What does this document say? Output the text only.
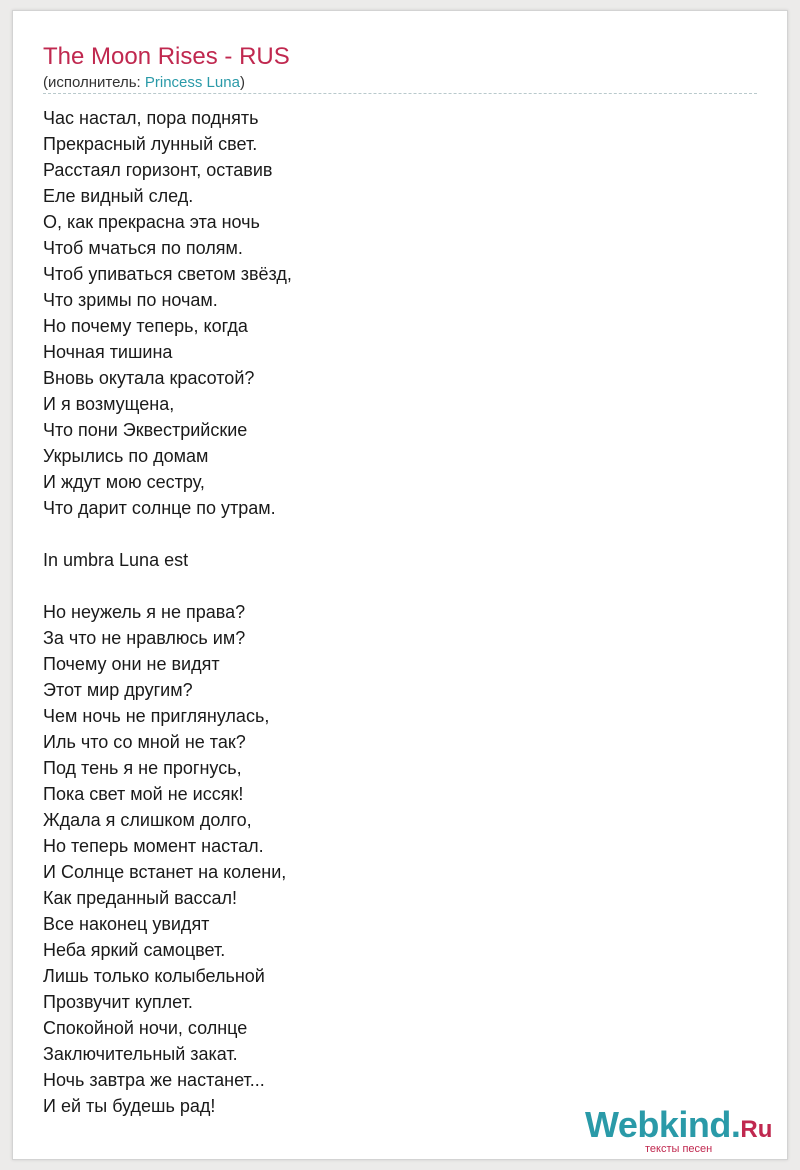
The Moon Rises - RUS
(исполнитель: Princess Luna)
Час настал, пора поднять
Прекрасный лунный свет.
Расстаял горизонт, оставив
Еле видный след.
О, как прекрасна эта ночь
Чтоб мчаться по полям.
Чтоб упиваться светом звёзд,
Что зримы по ночам.
Но почему теперь, когда
Ночная тишина
Вновь окутала красотой?
И я возмущена,
Что пони Эквестрийские
Укрылись по домам
И ждут мою сестру,
Что дарит солнце по утрам.
In umbra Luna est
Но неужель я не права?
За что не нравлюсь им?
Почему они не видят
Этот мир другим?
Чем ночь не приглянулась,
Иль что со мной не так?
Под тень я не прогнусь,
Пока свет мой не иссяк!
Ждала я слишком долго,
Но теперь момент настал.
И Солнце встанет на колени,
Как преданный вассал!
Все наконец увидят
Неба яркий самоцвет.
Лишь только колыбельной
Прозвучит куплет.
Спокойной ночи, солнце
Заключительный закат.
Ночь завтра же настанет...
И ей ты будешь рад!	Webkind.Ru
тексты песен
